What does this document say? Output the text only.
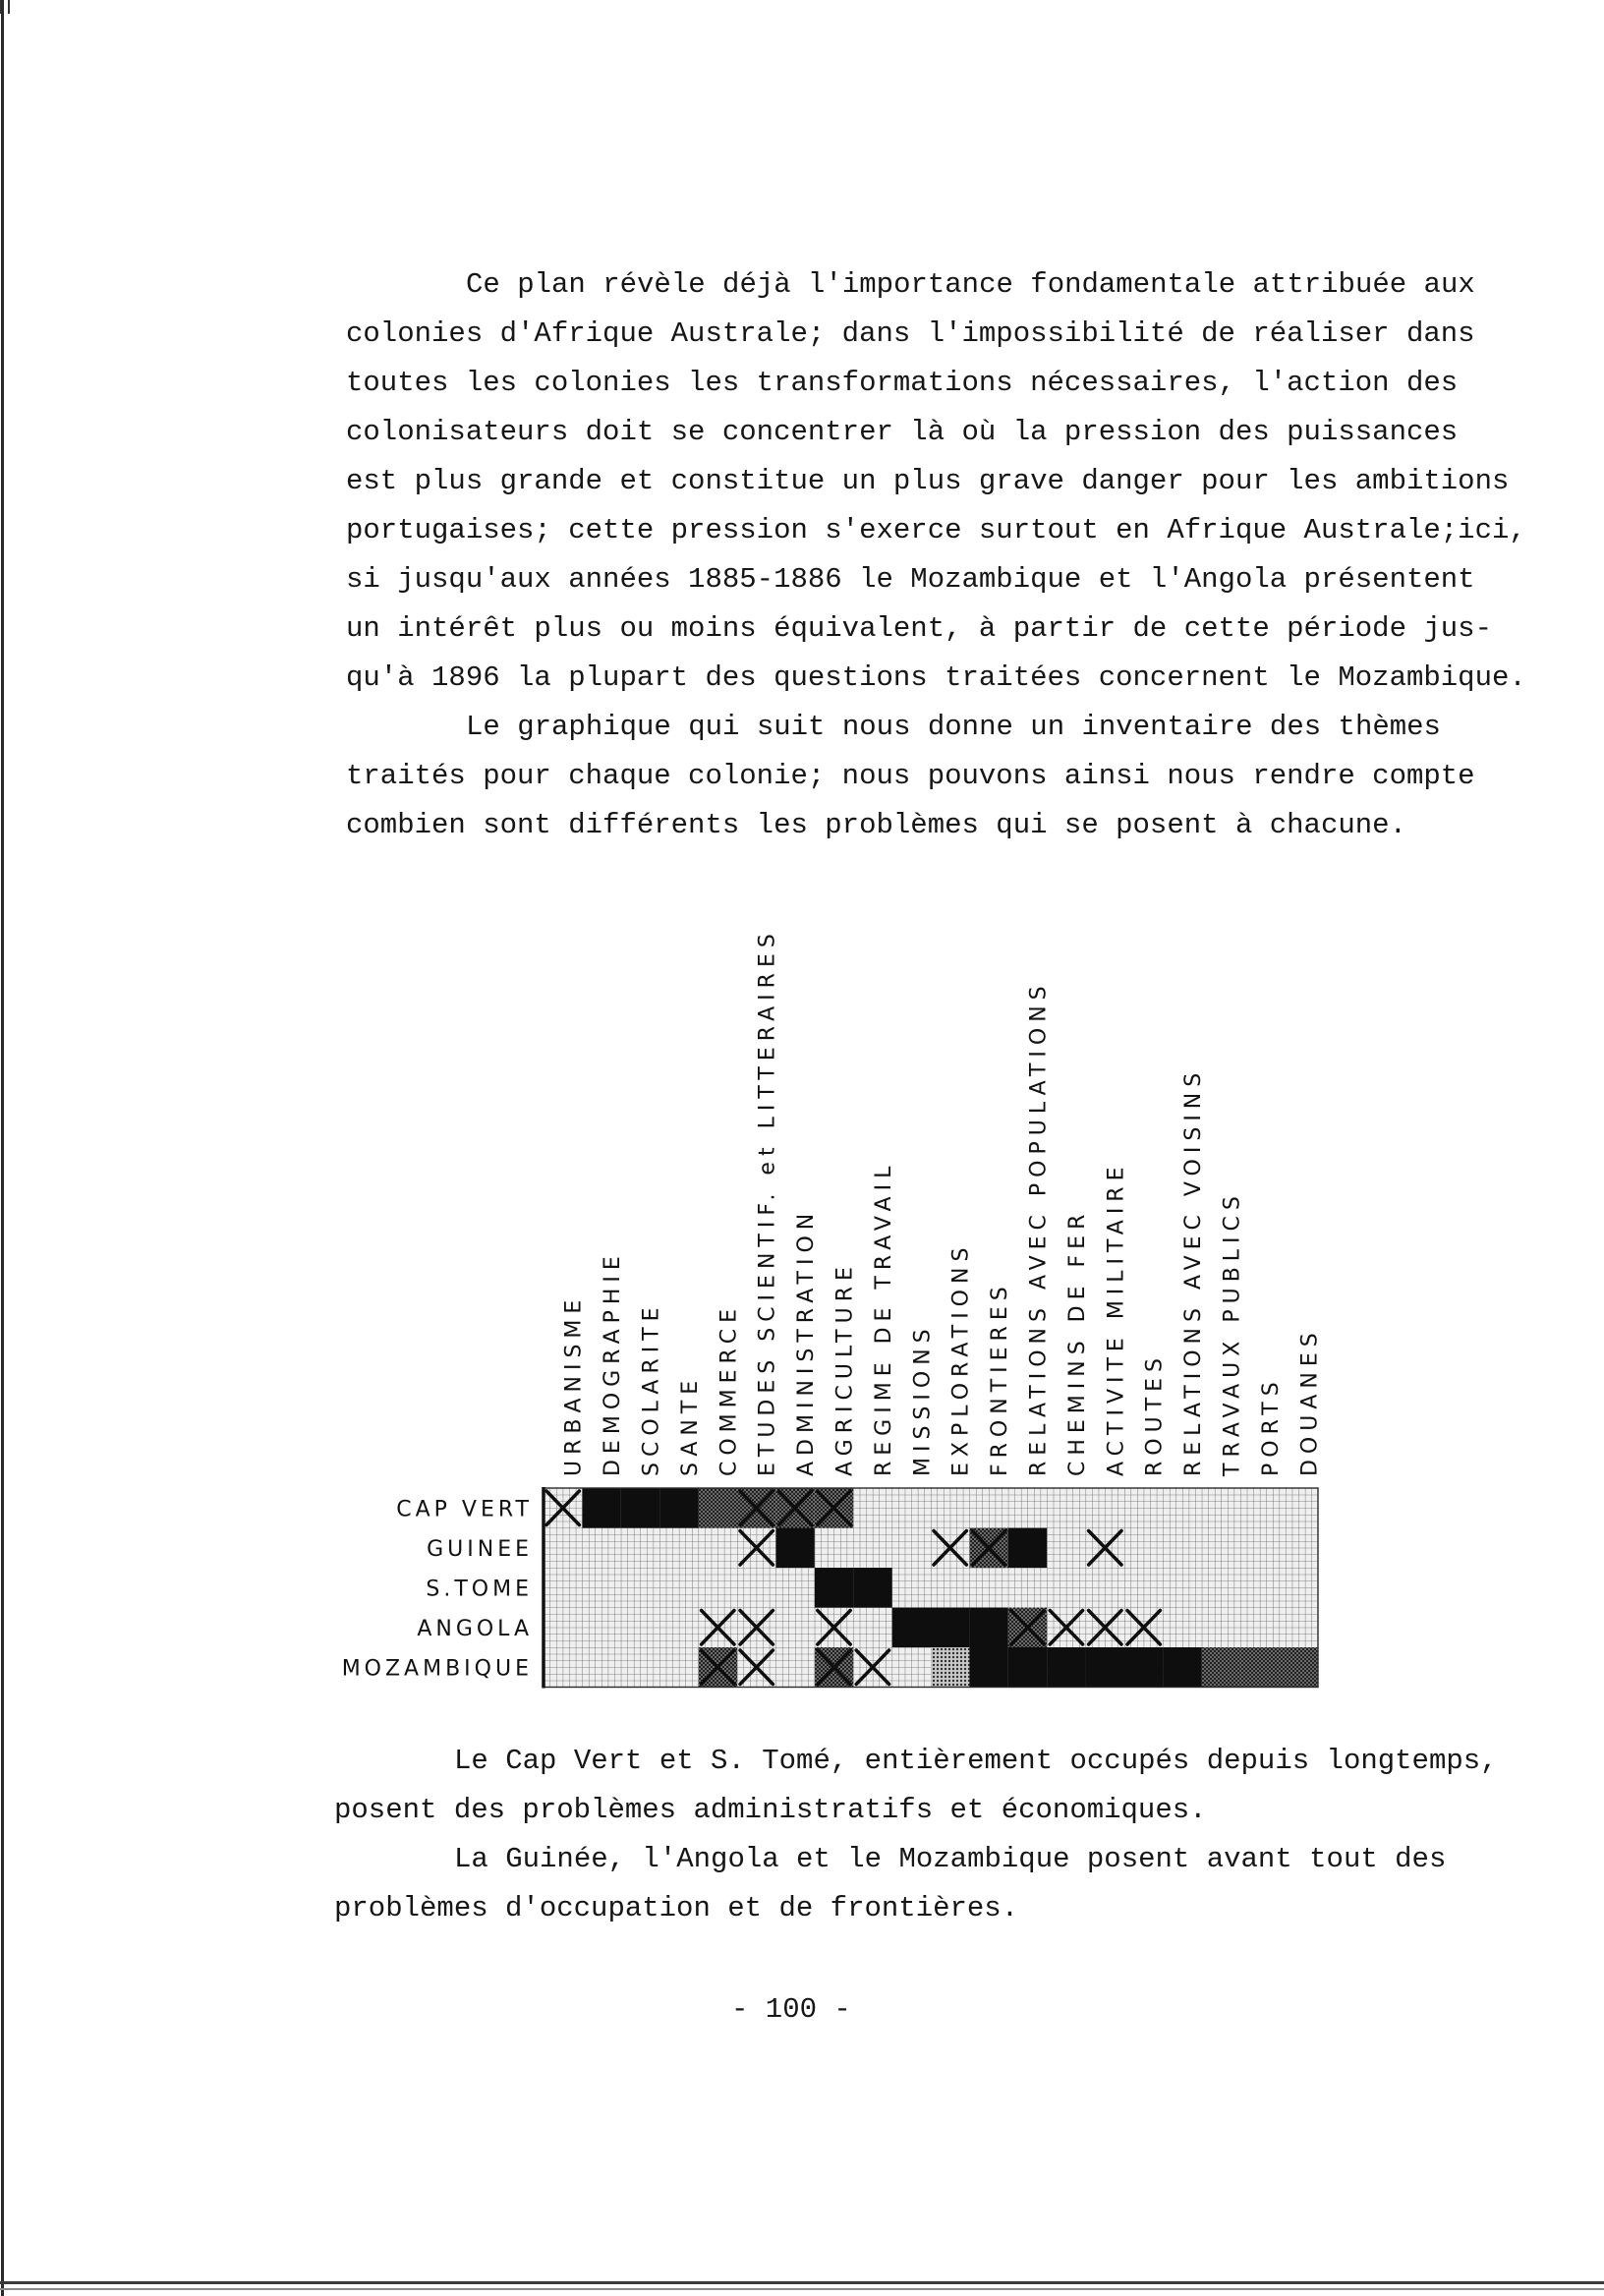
Ce plan révèle déjà l'importance fondamentale attribuée aux
colonies d'Afrique Australe; dans l'impossibilité de réaliser dans
toutes les colonies les transformations nécessaires, l'action des
colonisateurs doit se concentrer là où la pression des puissances
est plus grande et constitue un plus grave danger pour les ambitions
portugaises; cette pression s'exerce surtout en Afrique Australe;ici,
si jusqu'aux années 1885-1886 le Mozambique et l'Angola présentent
un intérêt plus ou moins équivalent, à partir de cette période jus-
qu'à 1896 la plupart des questions traitées concernent le Mozambique.
Le graphique qui suit nous donne un inventaire des thèmes
traités pour chaque colonie; nous pouvons ainsi nous rendre compte
combien sont différents les problèmes qui se posent à chacune.
URBANISME DEMOGRAPHIE SCOLARITE SANTE COMMERCE ETUDES SCIENTIF. et LITTERAIRES ADMINISTRATION AGRICULTURE REGIME DE TRAVAIL MISSIONS EXPLORATIONS FRONTIERES RELATIONS AVEC POPULATIONS CHEMINS DE FER ACTIVITE MILITAIRE ROUTES RELATIONS AVEC VOISINS TRAVAUX PUBLICS PORTS DOUANES
CAP VERT
GUINEE
S.TOME
ANGOLA
MOZAMBIQUE
Le Cap Vert et S. Tomé, entièrement occupés depuis longtemps,
posent des problèmes administratifs et économiques.
La Guinée, l'Angola et le Mozambique posent avant tout des
problèmes d'occupation et de frontières.
- 100 -
